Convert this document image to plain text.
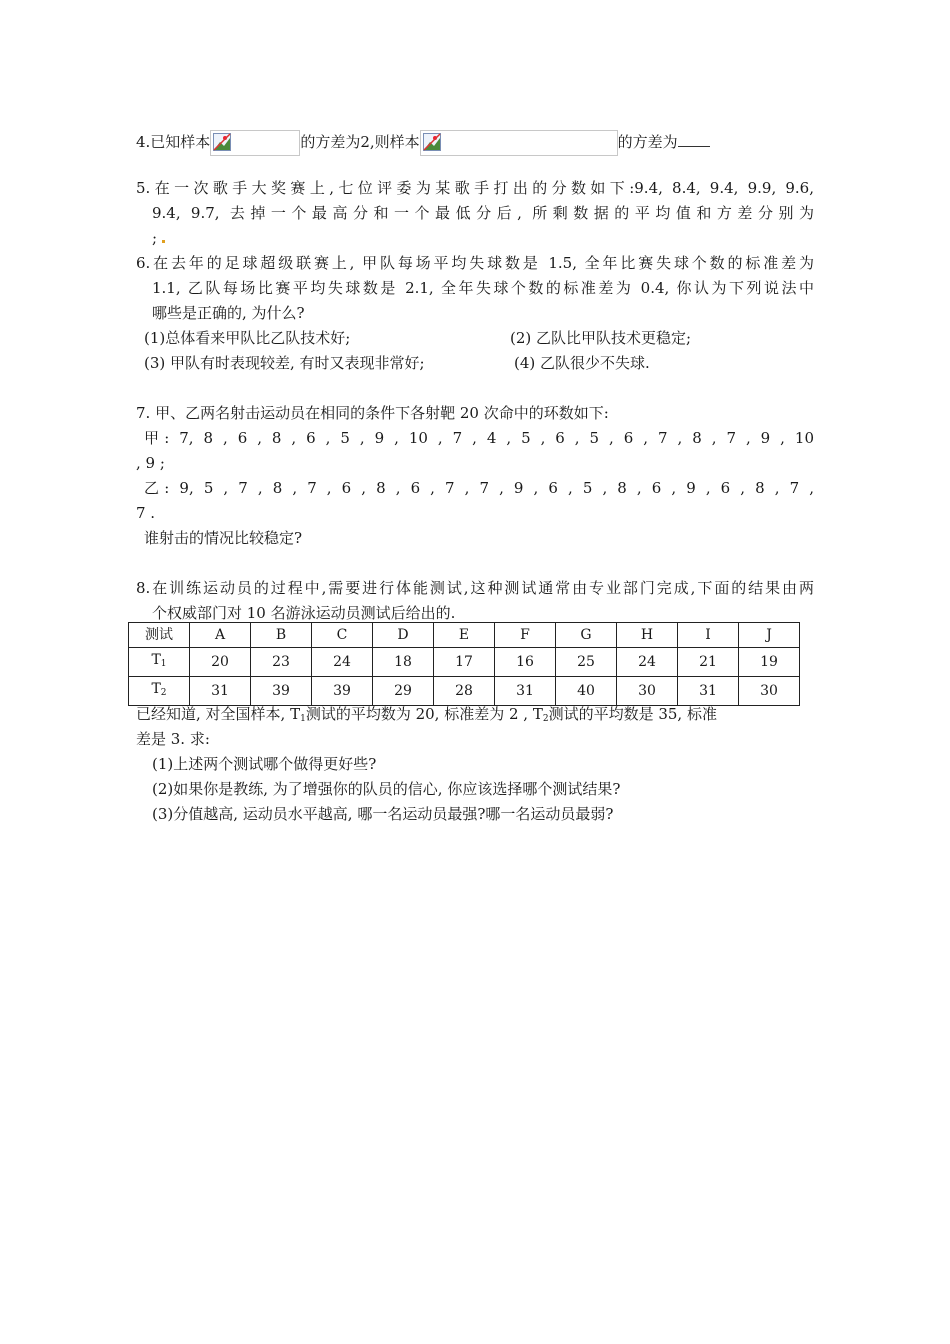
4.已知样本	的方差为2,则样本	的方差为
5.在一次歌手大奖赛上,七位评委为某歌手打出的分数如下:9.4, 8.4, 9.4, 9.9, 9.6,
9.4, 9.7, 去掉一个最高分和一个最低分后, 所剩数据的平均值和方差分别为
;
6.在去年的足球超级联赛上, 甲队每场平均失球数是 1.5, 全年比赛失球个数的标准差为
1.1, 乙队每场比赛平均失球数是 2.1, 全年失球个数的标准差为 0.4, 你认为下列说法中
哪些是正确的, 为什么?
(1)总体看来甲队比乙队技术好;	(2) 乙队比甲队技术更稳定;
(3) 甲队有时表现较差, 有时又表现非常好;	(4) 乙队很少不失球.
7. 甲、乙两名射击运动员在相同的条件下各射靶 20 次命中的环数如下:
甲: 7, 8 , 6 , 8 , 6 , 5 , 9 , 10 , 7 , 4 , 5 , 6 , 5 , 6 , 7 , 8 , 7 , 9 , 10
, 9 ;
乙: 9, 5 , 7 , 8 , 7 , 6 , 8 , 6 , 7 , 7 , 9 , 6 , 5 , 8 , 6 , 9 , 6 , 8 , 7 ,
7 .
谁射击的情况比较稳定?
8.在训练运动员的过程中,需要进行体能测试,这种测试通常由专业部门完成,下面的结果由两
个权威部门对 10 名游泳运动员测试后给出的.
测试	A	B	C	D	E	F	G	H	I	J
$T_1$	20	23	24	18	17	16	25	24	21	19
$T_2$	31	39	39	29	28	31	40	30	31	30
已经知道, 对全国样本, $T_1$测试的平均数为 20, 标准差为 2 , $T_2$测试的平均数是 35, 标准
差是 3. 求:
(1)上述两个测试哪个做得更好些?
(2)如果你是教练, 为了增强你的队员的信心, 你应该选择哪个测试结果?
(3)分值越高, 运动员水平越高, 哪一名运动员最强?哪一名运动员最弱?
